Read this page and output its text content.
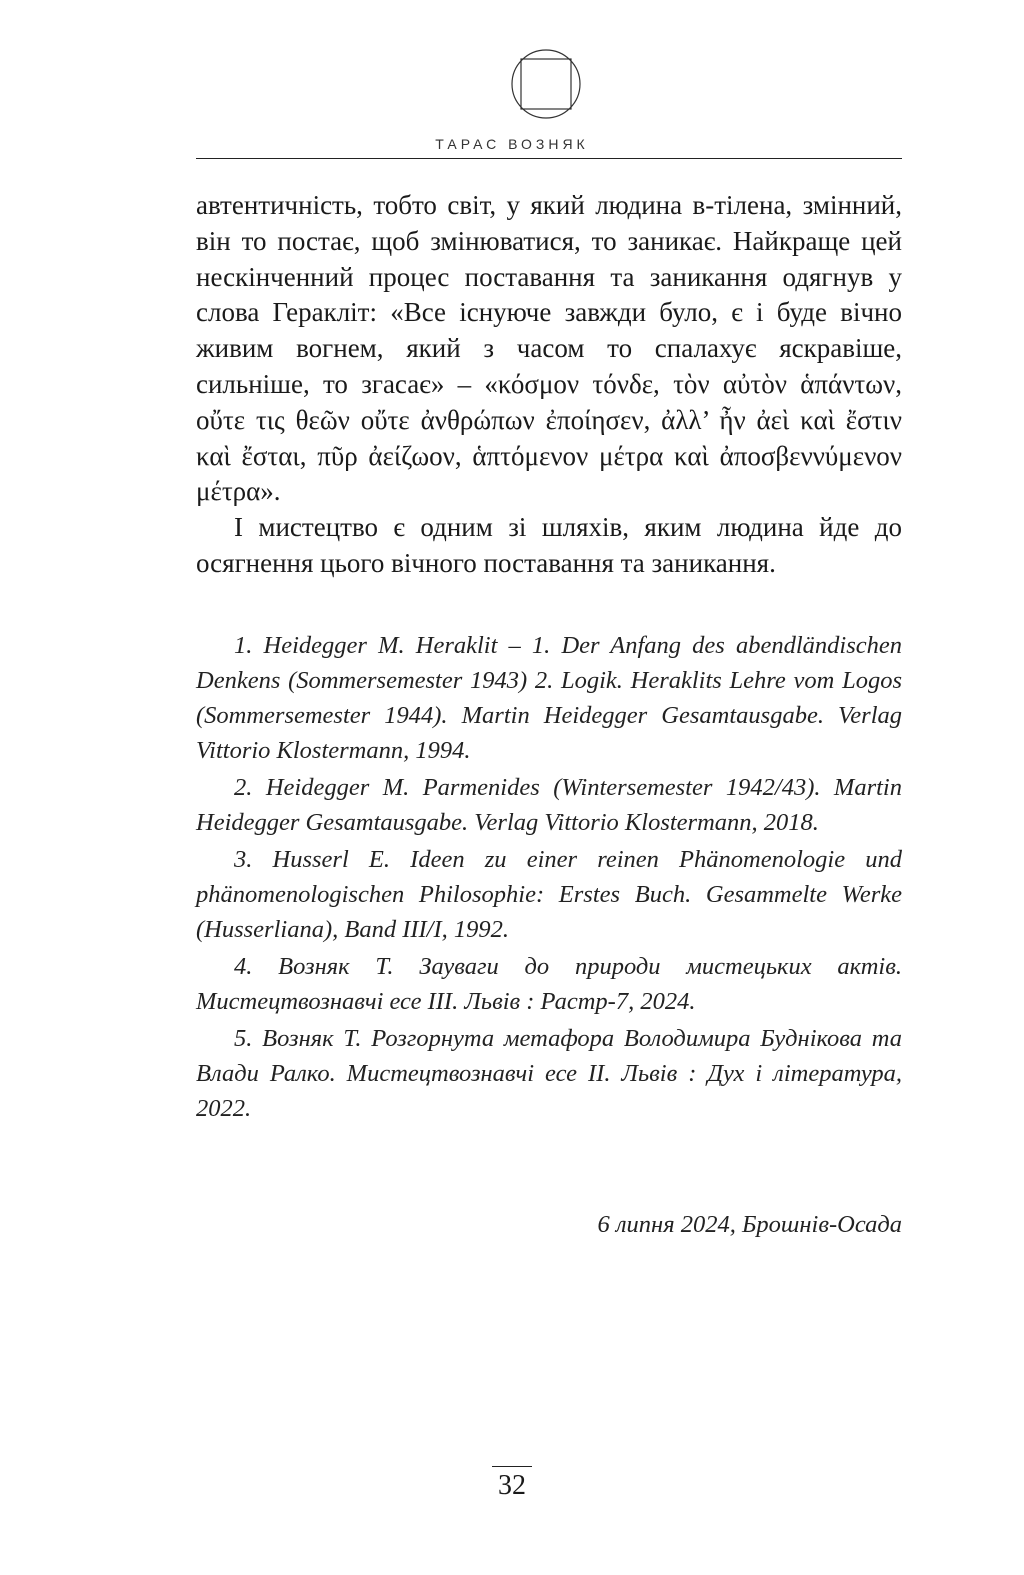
ТАРАС ВОЗНЯК

автентичність, тобто світ, у який людина в-тілена, змінний, він то постає, щоб змінюватися, то заникає. Найкраще цей нескінченний процес поставання та заникання одягнув у слова Геракліт: «Все існуюче завжди було, є і буде вічно живим вогнем, який з часом то спалахує яскравіше, сильніше, то згасає» – «κόσμον τόνδε, τὸν αὐτὸν ἁπάντων, οὔτε τις θεῶν οὔτε ἀνθρώπων ἐποίησεν, ἀλλ’ ἦν ἀεὶ καὶ ἔστιν καὶ ἔσται, πῦρ ἀείζωον, ἁπτόμενον μέτρα καὶ ἀποσβεννύμενον μέτρα».

І мистецтво є одним зі шляхів, яким людина йде до осягнення цього вічного поставання та заникання.

1. Heidegger M. Heraklit – 1. Der Anfang des abendländischen Denkens (Sommersemester 1943) 2. Logik. Heraklits Lehre vom Logos (Sommersemester 1944). Martin Heidegger Gesamtausgabe. Verlag Vittorio Klostermann, 1994.

2. Heidegger M. Parmenides (Wintersemester 1942/43). Martin Heidegger Gesamtausgabe. Verlag Vittorio Klostermann, 2018.

3. Husserl E. Ideen zu einer reinen Phänomenologie und phänomenologischen Philosophie: Erstes Buch. Gesammelte Werke (Husserliana), Band III/I, 1992.

4. Возняк Т. Зауваги до природи мистецьких актів. Мистецтвознавчі есе III. Львів : Растр-7, 2024.

5. Возняк Т. Розгорнута метафора Володимира Буднікова та Влади Ралко. Мистецтвознавчі есе II. Львів : Дух і література, 2022.

6 липня 2024, Брошнів-Осада
32
